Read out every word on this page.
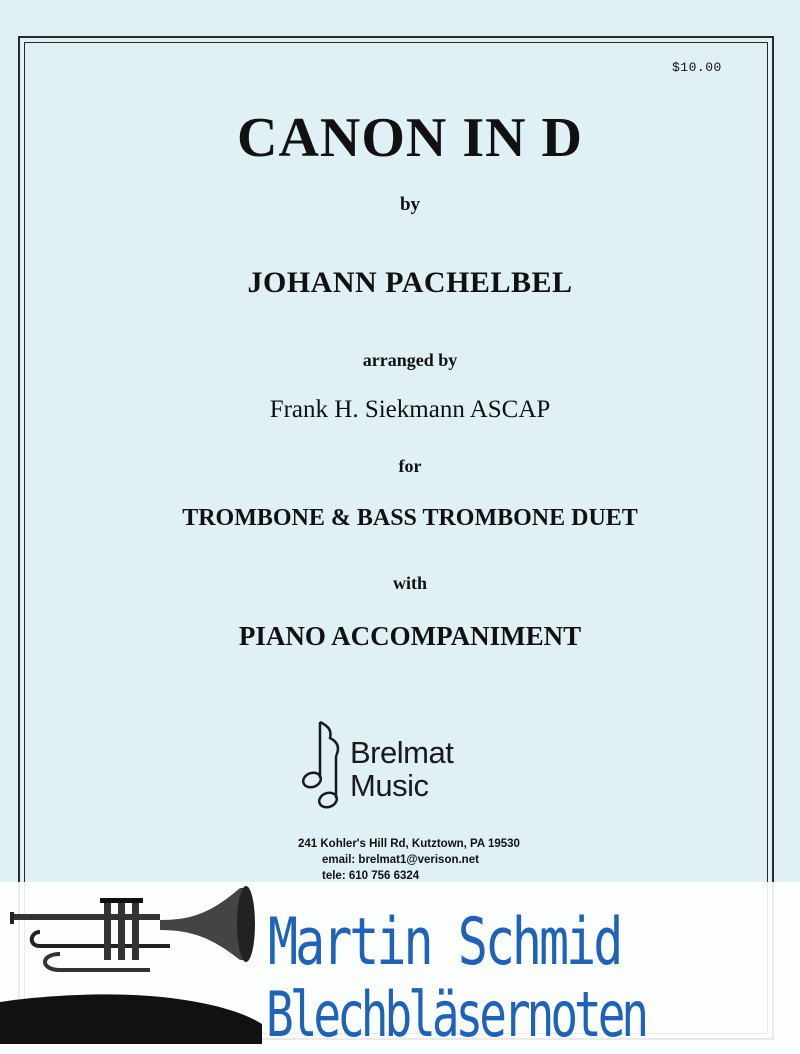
$10.00
CANON IN D
by
JOHANN PACHELBEL
arranged by
Frank H. Siekmann ASCAP
for
TROMBONE & BASS TROMBONE DUET
with
PIANO ACCOMPANIMENT
Brelmat
Music
241 Kohler's Hill Rd, Kutztown, PA 19530
email: brelmat1@verison.net
tele: 610 756 6324
Martin Schmid
Blechbläsernoten
